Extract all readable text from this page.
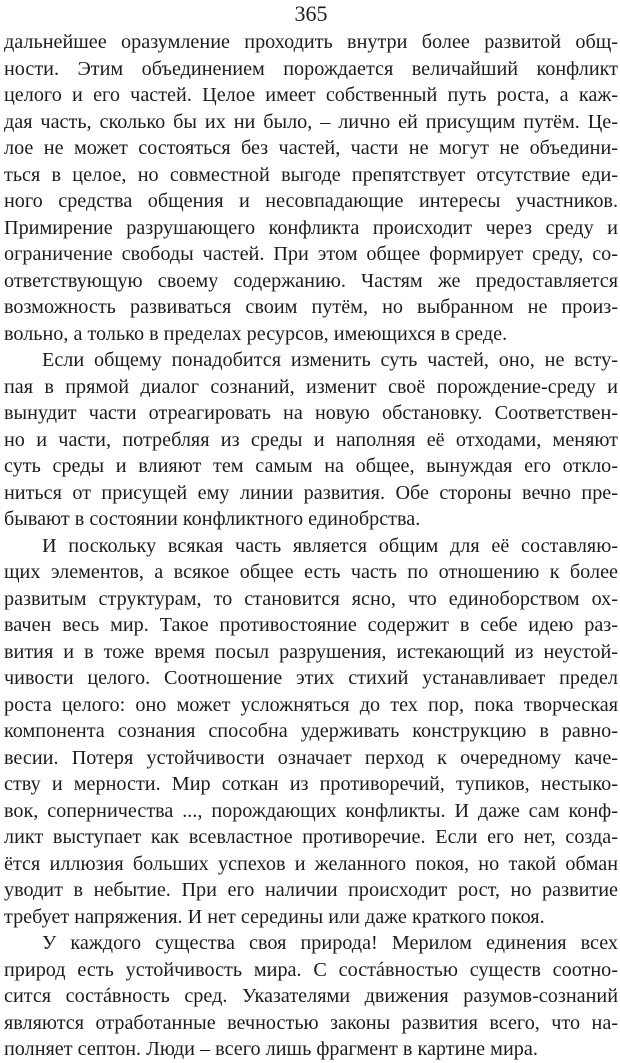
365
дальнейшее оразумление проходить внутри более развитой общ-
ности. Этим объединением порождается величайший конфликт
целого и его частей. Целое имеет собственный путь роста, а каж-
дая часть, сколько бы их ни было, – лично ей присущим путём. Це-
лое не может состояться без частей, части не могут не объедини-
ться в целое, но совместной выгоде препятствует отсутствие еди-
ного средства общения и несовпадающие интересы участников.
Примирение разрушающего конфликта происходит через среду и
ограничение свободы частей. При этом общее формирует среду, со-
ответствующую своему содержанию. Частям же предоставляется
возможность развиваться своим путём, но выбранном не произ-
вольно, а только в пределах ресурсов, имеющихся в среде.
Если общему понадобится изменить суть частей, оно, не всту-
пая в прямой диалог сознаний, изменит своё порождение-среду и
вынудит части отреагировать на новую обстановку. Соответствен-
но и части, потребляя из среды и наполняя её отходами, меняют
суть среды и влияют тем самым на общее, вынуждая его откло-
ниться от присущей ему линии развития. Обе стороны вечно пре-
бывают в состоянии конфликтного единобрства.
И поскольку всякая часть является общим для её составляю-
щих элементов, а всякое общее есть часть по отношению к более
развитым структурам, то становится ясно, что единоборством ох-
вачен весь мир. Такое противостояние содержит в себе идею раз-
вития и в тоже время посыл разрушения, истекающий из неустой-
чивости целого. Соотношение этих стихий устанавливает предел
роста целого: оно может усложняться до тех пор, пока творческая
компонента сознания способна удерживать конструкцию в равно-
весии. Потеря устойчивости означает перход к очередному каче-
ству и мерности. Мир соткан из противоречий, тупиков, нестыко-
вок, соперничества ..., порождающих конфликты. И даже сам конф-
ликт выступает как всевластное противоречие. Если его нет, созда-
ётся иллюзия больших успехов и желанного покоя, но такой обман
уводит в небытие. При его наличии происходит рост, но развитие
требует напряжения. И нет середины или даже краткого покоя.
У каждого существа своя природа! Мерилом единения всех
природ есть устойчивость мира. С состáвностью существ соотно-
сится состáвность сред. Указателями движения разумов-сознаний
являются отработанные вечностью законы развития всего, что на-
полняет септон. Люди – всего лишь фрагмент в картине мира.
